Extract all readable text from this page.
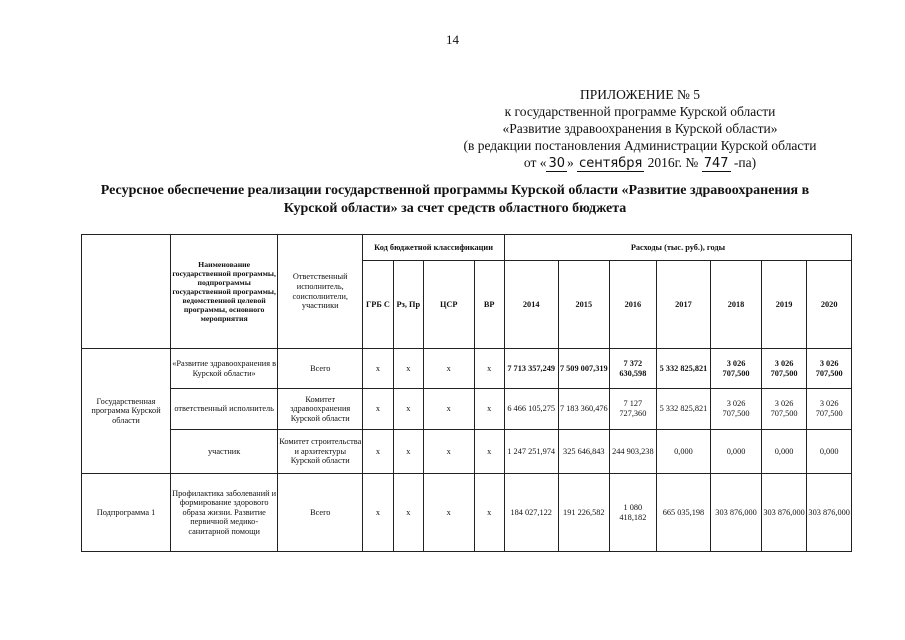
14
ПРИЛОЖЕНИЕ № 5
к государственной программе Курской области
«Развитие здравоохранения в Курской области»
(в редакции постановления Администрации Курской области
от « 30 » сентября 2016г. № 747 -па)
Ресурсное обеспечение реализации государственной программы Курской области «Развитие здравоохранения в
Курской области» за счет средств областного бюджета
	Наименование государственной программы, подпрограммы государственной программы, ведомственной целевой программы, основного мероприятия	Ответственный исполнитель, соисполнители, участники	Код бюджетной классификации				Расходы (тыс. руб.), годы						
			ГРБ С	Рз, Пр	ЦСР	ВР	2014	2015	2016	2017	2018	2019	2020
Государственная программа Курской области	«Развитие здравоохранения в Курской области»	Всего	x	x	x	x	7 713 357,249	7 509 007,319	7 372 630,598	5 332 825,821	3 026 707,500	3 026 707,500	3 026 707,500
	ответственный исполнитель	Комитет здравоохранения Курской области	x	x	x	x	6 466 105,275	7 183 360,476	7 127 727,360	5 332 825,821	3 026 707,500	3 026 707,500	3 026 707,500
	участник	Комитет строительства и архитектуры Курской области	x	x	x	x	1 247 251,974	325 646,843	244 903,238	0,000	0,000	0,000	0,000
Подпрограмма 1	Профилактика заболеваний и формирование здорового образа жизни. Развитие первичной медико-санитарной помощи	Всего	x	x	x	x	184 027,122	191 226,582	1 080 418,182	665 035,198	303 876,000	303 876,000	303 876,000
